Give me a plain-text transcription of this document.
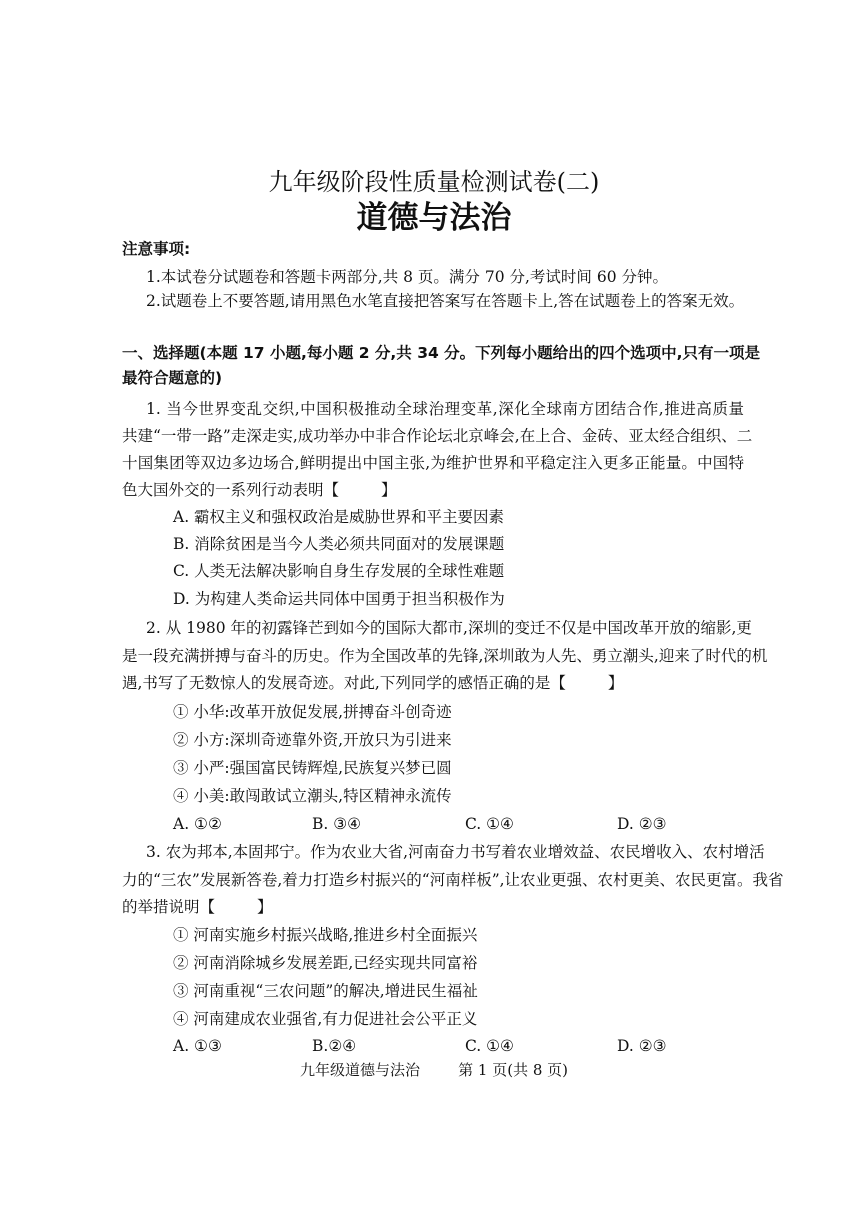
九年级阶段性质量检测试卷(二)
道德与法治
注意事项:
1.本试卷分试题卷和答题卡两部分,共 8 页。满分 70 分,考试时间 60 分钟。
2.试题卷上不要答题,请用黑色水笔直接把答案写在答题卡上,答在试题卷上的答案无效。
一、选择题(本题 17 小题,每小题 2 分,共 34 分。下列每小题给出的四个选项中,只有一项是
最符合题意的)
1. 当今世界变乱交织,中国积极推动全球治理变革,深化全球南方团结合作,推进高质量
共建“一带一路”走深走实,成功举办中非合作论坛北京峰会,在上合、金砖、亚太经合组织、二
十国集团等双边多边场合,鲜明提出中国主张,为维护世界和平稳定注入更多正能量。中国特
色大国外交的一系列行动表明【	】
A. 霸权主义和强权政治是威胁世界和平主要因素
B. 消除贫困是当今人类必须共同面对的发展课题
C. 人类无法解决影响自身生存发展的全球性难题
D. 为构建人类命运共同体中国勇于担当积极作为
2. 从 1980 年的初露锋芒到如今的国际大都市,深圳的变迁不仅是中国改革开放的缩影,更
是一段充满拼搏与奋斗的历史。作为全国改革的先锋,深圳敢为人先、勇立潮头,迎来了时代的机
遇,书写了无数惊人的发展奇迹。对此,下列同学的感悟正确的是【	】
① 小华:改革开放促发展,拼搏奋斗创奇迹
② 小方:深圳奇迹靠外资,开放只为引进来
③ 小严:强国富民铸辉煌,民族复兴梦已圆
④ 小美:敢闯敢试立潮头,特区精神永流传
A. ①②	B. ③④	C. ①④	D. ②③
3. 农为邦本,本固邦宁。作为农业大省,河南奋力书写着农业增效益、农民增收入、农村增活
力的“三农”发展新答卷,着力打造乡村振兴的“河南样板”,让农业更强、农村更美、农民更富。我省
的举措说明【	】
① 河南实施乡村振兴战略,推进乡村全面振兴
② 河南消除城乡发展差距,已经实现共同富裕
③ 河南重视“三农问题”的解决,增进民生福祉
④ 河南建成农业强省,有力促进社会公平正义
A. ①③	B.②④	C. ①④	D. ②③
九年级道德与法治	第 1 页(共 8 页)
